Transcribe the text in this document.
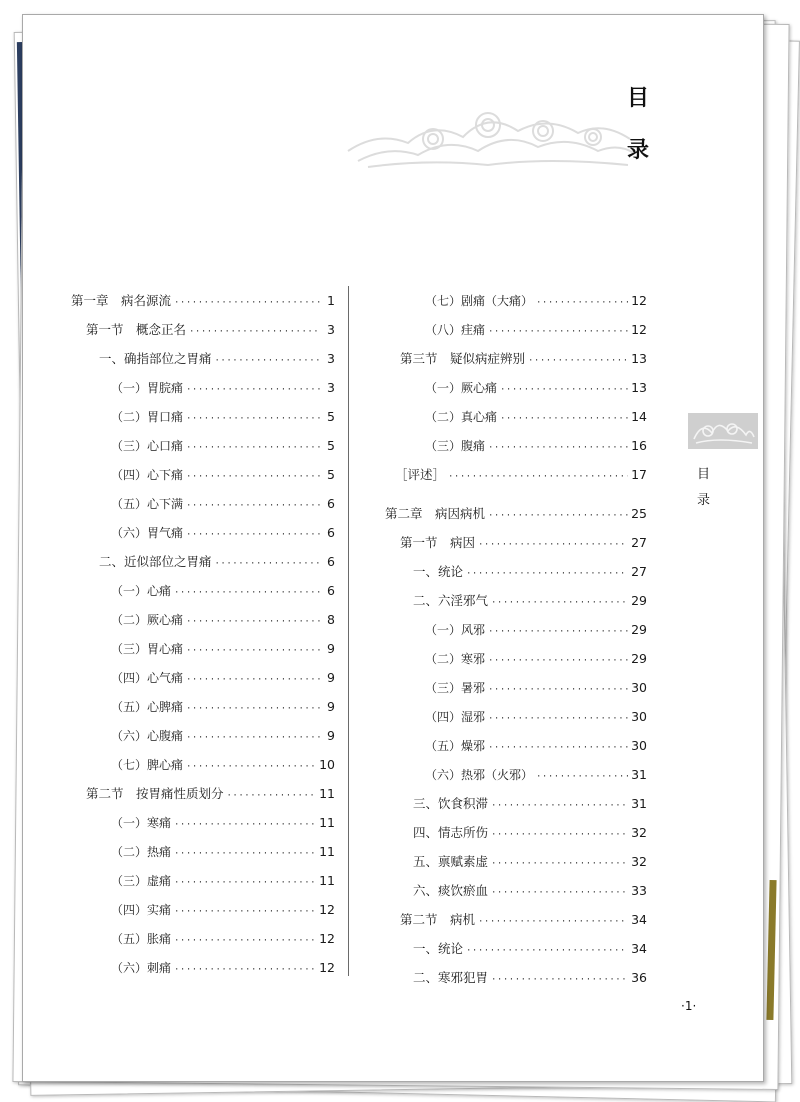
目
录
第一章　病名源流 ·····	1
第一节　概念正名 ·····	3
一、确指部位之胃痛 ·····	3
（一）胃脘痛 ·····	3
（二）胃口痛 ·····	5
（三）心口痛 ·····	5
（四）心下痛 ·····	5
（五）心下满 ·····	6
（六）胃气痛 ·····	6
二、近似部位之胃痛 ·····	6
（一）心痛 ·····	6
（二）厥心痛 ·····	8
（三）胃心痛 ·····	9
（四）心气痛 ·····	9
（五）心脾痛 ·····	9
（六）心腹痛 ·····	9
（七）脾心痛 ·····	10
第二节　按胃痛性质划分 ·····	11
（一）寒痛 ·····	11
（二）热痛 ·····	11
（三）虚痛 ·····	11
（四）实痛 ·····	12
（五）胀痛 ·····	12
（六）刺痛 ·····	12
（七）剧痛（大痛） ·····	12
（八）疰痛 ·····	12
第三节　疑似病症辨别 ·····	13
（一）厥心痛 ·····	13
（二）真心痛 ·····	14
（三）腹痛 ·····	16
［评述］ ·····	17
第二章　病因病机 ·····	25
第一节　病因 ·····	27
一、统论 ·····	27
二、六淫邪气 ·····	29
（一）风邪 ·····	29
（二）寒邪 ·····	29
（三）暑邪 ·····	30
（四）湿邪 ·····	30
（五）燥邪 ·····	30
（六）热邪（火邪） ·····	31
三、饮食积滞 ·····	31
四、情志所伤 ·····	32
五、禀赋素虚 ·····	32
六、痰饮瘀血 ·····	33
第二节　病机 ·····	34
一、统论 ·····	34
二、寒邪犯胃 ·····	36
目
录
·1·
